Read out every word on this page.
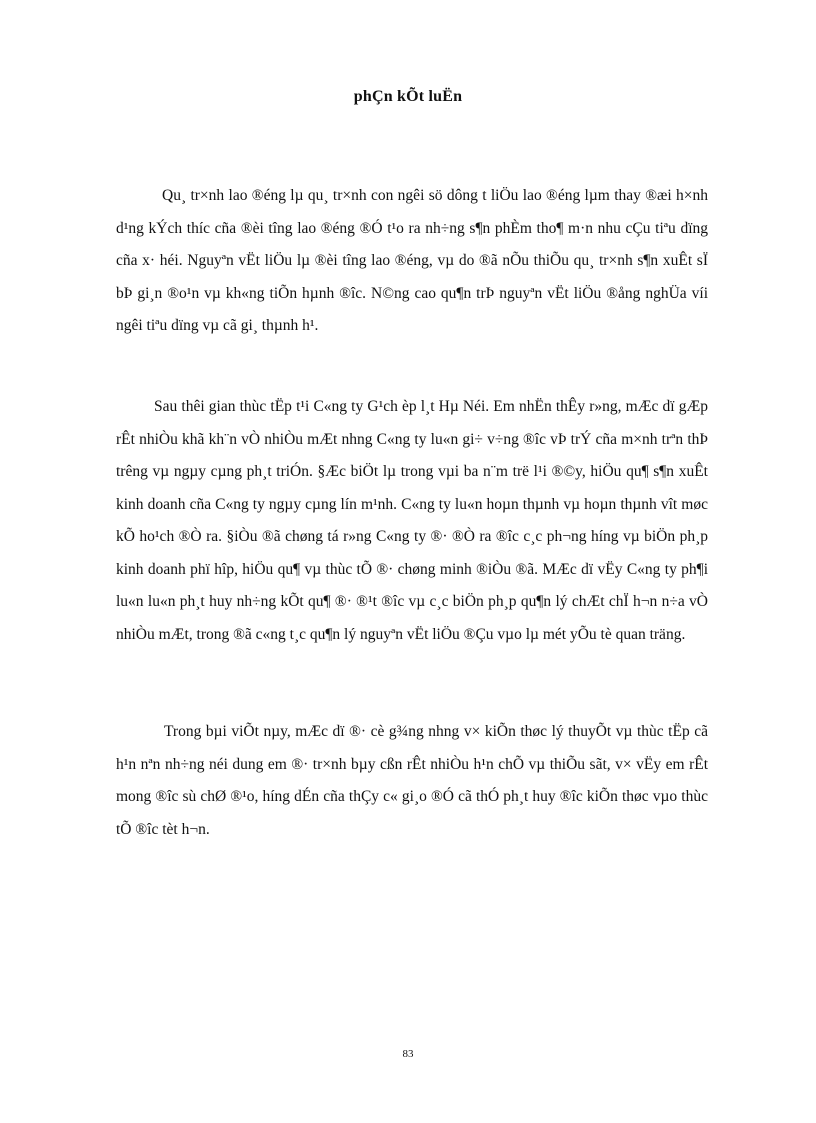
phÇn kÕt luËn

Qu¸ tr×nh lao ®éng lµ qu¸ tr×nh con ngêi sö dông t liÖu lao ®éng lµm thay ®æi h×nh d¹ng kÝch thíc cña ®èi tîng lao ®éng ®Ó t¹o ra nh÷ng s¶n phÈm tho¶ m·n nhu cÇu tiªu dïng cña x· héi. Nguyªn vËt liÖu lµ ®èi tîng lao ®éng, vµ do ®ã nÕu thiÕu qu¸ tr×nh s¶n xuÊt sÏ bÞ gi¸n ®o¹n vµ kh«ng tiÕn hµnh ®îc. N©ng cao qu¶n trÞ nguyªn vËt liÖu ®ång nghÜa víi ngêi tiªu dïng vµ cã gi¸ thµnh h¹.

Sau thêi gian thùc tËp t¹i C«ng ty G¹ch èp l¸t Hµ Néi. Em nhËn thÊy r»ng, mÆc dï gÆp rÊt nhiÒu khã kh¨n vÒ nhiÒu mÆt nhng C«ng ty lu«n gi÷ v÷ng ®îc vÞ trÝ cña m×nh trªn thÞ trêng vµ ngµy cµng ph¸t triÓn. §Æc biÖt lµ trong vµi ba n¨m trë l¹i ®©y, hiÖu qu¶ s¶n xuÊt kinh doanh cña C«ng ty ngµy cµng lín m¹nh. C«ng ty lu«n hoµn thµnh vµ hoµn thµnh vît møc kÕ ho¹ch ®Ò ra. §iÒu ®ã chøng tá r»ng C«ng ty ®· ®Ò ra ®îc c¸c ph¬ng híng vµ biÖn ph¸p kinh doanh phï hîp, hiÖu qu¶ vµ thùc tÕ ®· chøng minh ®iÒu ®ã. MÆc dï vËy C«ng ty ph¶i lu«n lu«n ph¸t huy nh÷ng kÕt qu¶ ®· ®¹t ®îc vµ c¸c biÖn ph¸p qu¶n lý chÆt chÏ h¬n n÷a vÒ nhiÒu mÆt, trong ®ã c«ng t¸c qu¶n lý nguyªn vËt liÖu ®Çu vµo lµ mét yÕu tè quan träng.

Trong bµi viÕt nµy, mÆc dï ®· cè g¾ng nhng v× kiÕn thøc lý thuyÕt vµ thùc tËp cã h¹n nªn nh÷ng néi dung em ®· tr×nh bµy cßn rÊt nhiÒu h¹n chÕ vµ thiÕu sãt, v× vËy em rÊt mong ®îc sù chØ ®¹o, híng dÉn cña thÇy c« gi¸o ®Ó cã thÓ ph¸t huy ®îc kiÕn thøc vµo thùc tÕ ®îc tèt h¬n.

83
